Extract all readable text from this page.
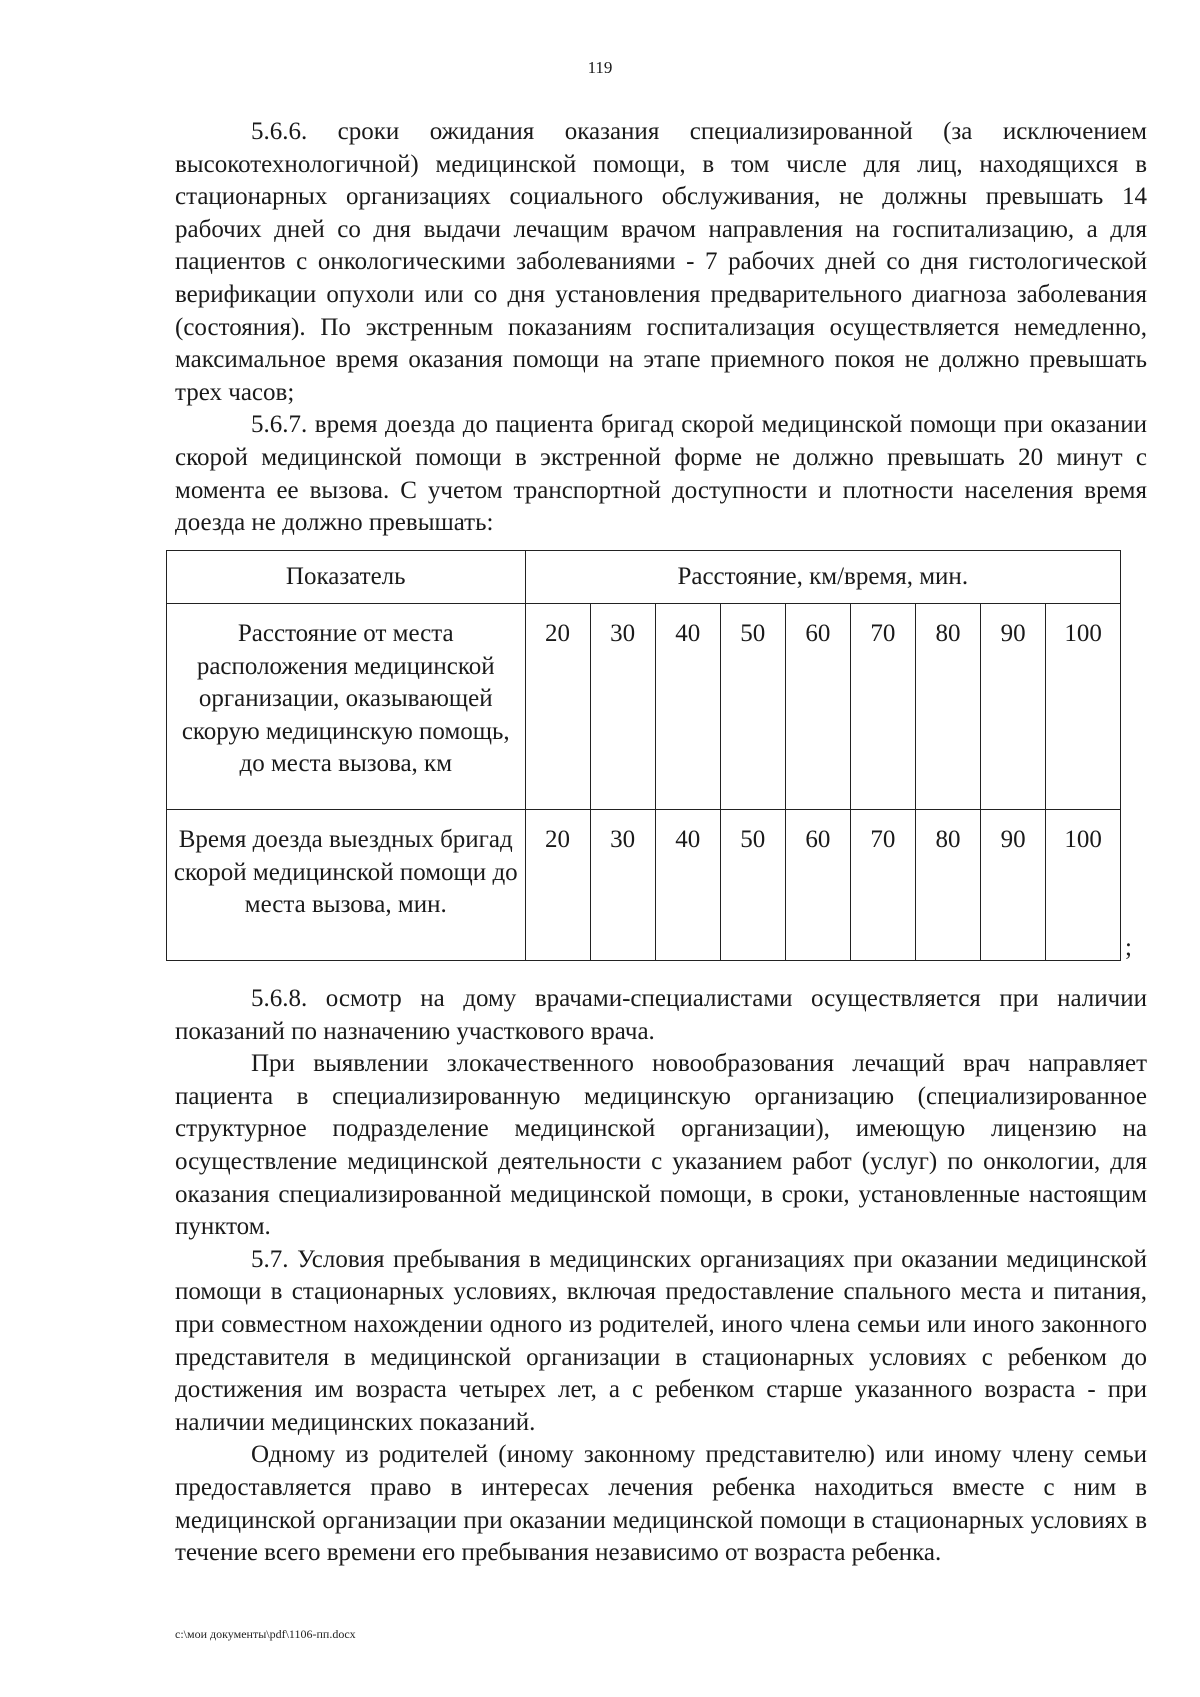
119

5.6.6. сроки ожидания оказания специализированной (за исключением высокотехнологичной) медицинской помощи, в том числе для лиц, находящихся в стационарных организациях социального обслуживания, не должны превышать 14 рабочих дней со дня выдачи лечащим врачом направления на госпитализацию, а для пациентов с онкологическими заболеваниями - 7 рабочих дней со дня гистологической верификации опухоли или со дня установления предварительного диагноза заболевания (состояния). По экстренным показаниям госпитализация осуществляется немедленно, максимальное время оказания помощи на этапе приемного покоя не должно превышать трех часов;

5.6.7. время доезда до пациента бригад скорой медицинской помощи при оказании скорой медицинской помощи в экстренной форме не должно превышать 20 минут с момента ее вызова. С учетом транспортной доступности и плотности населения время доезда не должно превышать:

Показатель	Расстояние, км/время, мин.								
Расстояние от места расположения медицинской организации, оказывающей скорую медицинскую помощь, до места вызова, км	20	30	40	50	60	70	80	90	100
Время доезда выездных бригад скорой медицинской помощи до места вызова, мин.	20	30	40	50	60	70	80	90	100
;

5.6.8. осмотр на дому врачами-специалистами осуществляется при наличии показаний по назначению участкового врача.

При выявлении злокачественного новообразования лечащий врач направляет пациента в специализированную медицинскую организацию (специализированное структурное подразделение медицинской организации), имеющую лицензию на осуществление медицинской деятельности с указанием работ (услуг) по онкологии, для оказания специализированной медицинской помощи, в сроки, установленные настоящим пунктом.

5.7. Условия пребывания в медицинских организациях при оказании медицинской помощи в стационарных условиях, включая предоставление спального места и питания, при совместном нахождении одного из родителей, иного члена семьи или иного законного представителя в медицинской организации в стационарных условиях с ребенком до достижения им возраста четырех лет, а с ребенком старше указанного возраста - при наличии медицинских показаний.

Одному из родителей (иному законному представителю) или иному члену семьи предоставляется право в интересах лечения ребенка находиться вместе с ним в медицинской организации при оказании медицинской помощи в стационарных условиях в течение всего времени его пребывания независимо от возраста ребенка.

c:\мои документы\pdf\1106-пп.docx
